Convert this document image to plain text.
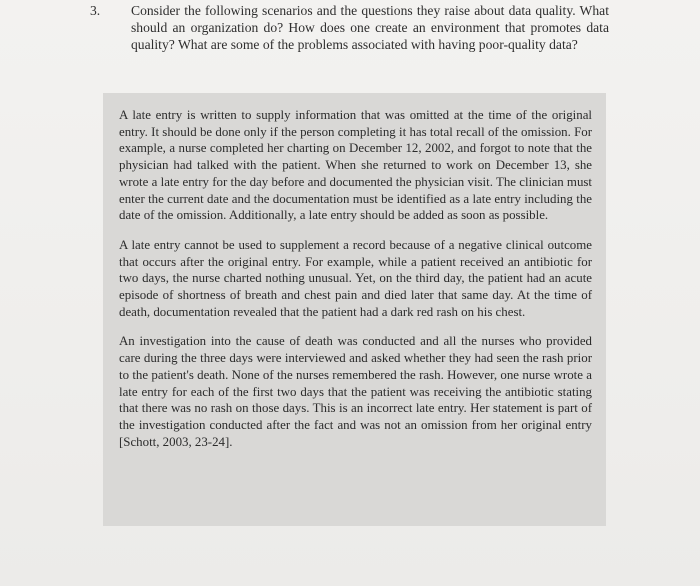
3.	Consider the following scenarios and the questions they raise about data quality. What should an organization do? How does one create an environment that promotes data quality? What are some of the problems associated with having poor-quality data?

A late entry is written to supply information that was omitted at the time of the original entry. It should be done only if the person completing it has total recall of the omission. For example, a nurse completed her charting on December 12, 2002, and forgot to note that the physician had talked with the patient. When she returned to work on December 13, she wrote a late entry for the day before and documented the physician visit. The clinician must enter the current date and the documentation must be identified as a late entry including the date of the omission. Additionally, a late entry should be added as soon as possible.

A late entry cannot be used to supplement a record because of a negative clinical outcome that occurs after the original entry. For example, while a patient received an antibiotic for two days, the nurse charted nothing unusual. Yet, on the third day, the patient had an acute episode of shortness of breath and chest pain and died later that same day. At the time of death, documentation revealed that the patient had a dark red rash on his chest.

An investigation into the cause of death was conducted and all the nurses who provided care during the three days were interviewed and asked whether they had seen the rash prior to the patient's death. None of the nurses remembered the rash. However, one nurse wrote a late entry for each of the first two days that the patient was receiving the antibiotic stating that there was no rash on those days. This is an incorrect late entry. Her statement is part of the investigation conducted after the fact and was not an omission from her original entry [Schott, 2003, 23-24].
